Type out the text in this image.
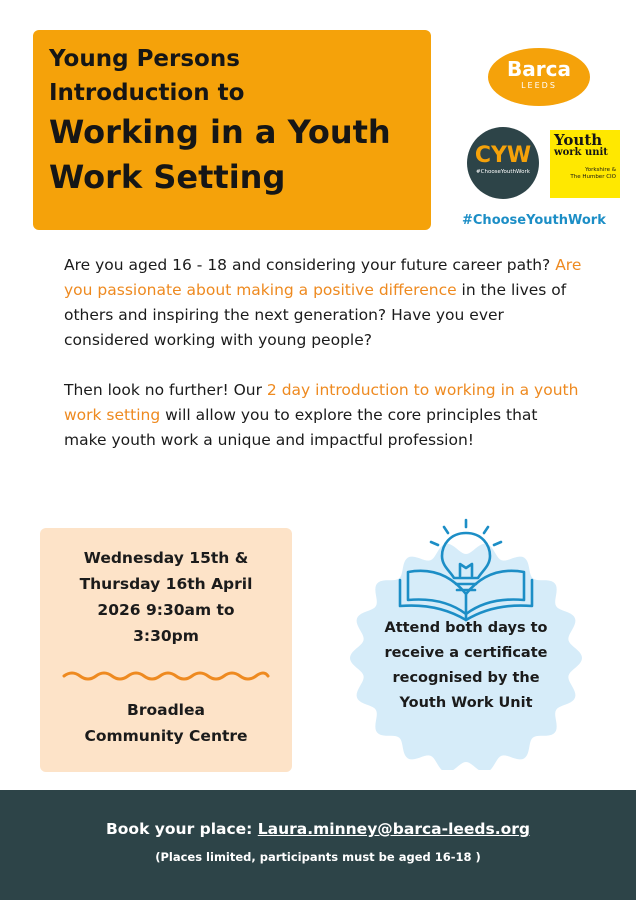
Young Persons
Introduction to
Working in a Youth
Work Setting
Barca
LEEDS
CYW
#ChooseYouthWork
Youth
work unit
Yorkshire &
The Humber CIO
#ChooseYouthWork

Are you aged 16 - 18 and considering your future career path? Are you passionate about making a positive difference in the lives of others and inspiring the next generation? Have you ever considered working with young people?

Then look no further! Our 2 day introduction to working in a youth work setting will allow you to explore the core principles that make youth work a unique and impactful profession!

Wednesday 15th &
Thursday 16th April
2026 9:30am to
3:30pm
Broadlea
Community Centre
Attend both days to
receive a certificate
recognised by the
Youth Work Unit
Book your place: Laura.minney@barca-leeds.org
(Places limited, participants must be aged 16-18 )
